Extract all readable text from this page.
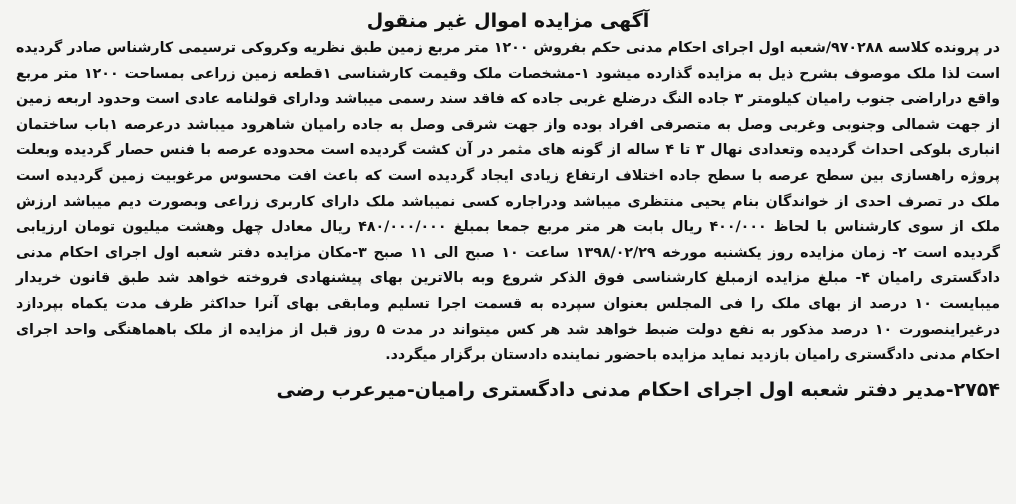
آگهی مزایده اموال غیر منقول

در پرونده کلاسه ۹۷۰۲۸۸/شعبه اول اجرای احکام مدنی حکم بفروش ۱۲۰۰ متر مربع زمین طبق نظریه وکروکی ترسیمی کارشناس صادر گردیده است لذا ملک موصوف بشرح ذیل به مزایده گذارده میشود ۱-مشخصات ملک وقیمت کارشناسی ۱قطعه زمین زراعی بمساحت ۱۲۰۰ متر مربع واقع دراراضی جنوب رامیان کیلومتر ۳ جاده النگ درضلع غربی جاده که فاقد سند رسمی میباشد ودارای قولنامه عادی است وحدود اربعه زمین از جهت شمالی وجنوبی وغربی وصل به متصرفی افراد بوده واز جهت شرقی وصل به جاده رامیان شاهرود میباشد درعرصه ۱باب ساختمان انباری بلوکی احداث گردیده وتعدادی نهال ۳ تا ۴ ساله از گونه های مثمر در آن کشت گردیده است محدوده عرصه با فنس حصار گردیده وبعلت پروژه راهسازی بین سطح عرصه با سطح جاده اختلاف ارتفاع زیادی ایجاد گردیده است که باعث افت محسوس مرغوبیت زمین گردیده است ملک در تصرف احدی از خواندگان بنام یحیی منتظری میباشد ودراجاره کسی نمیباشد ملک دارای کاربری زراعی وبصورت دیم میباشد ارزش ملک از سوی کارشناس با لحاظ ۴۰۰/۰۰۰ ریال بابت هر متر مربع جمعا بمبلغ ۴۸۰/۰۰۰/۰۰۰ ریال معادل چهل وهشت میلیون تومان ارزیابی گردیده است ۲- زمان مزایده روز یکشنبه مورخه ۱۳۹۸/۰۲/۲۹ ساعت ۱۰ صبح الی ۱۱ صبح ۳-مکان مزایده دفتر شعبه اول اجرای احکام مدنی دادگستری رامیان ۴- مبلغ مزایده ازمبلغ کارشناسی فوق الذکر شروع وبه بالاترین بهای پیشنهادی فروخته خواهد شد طبق قانون خریدار میبایست ۱۰ درصد از بهای ملک را فی المجلس بعنوان سپرده به قسمت اجرا تسلیم ومابقی بهای آنرا حداکثر ظرف مدت یکماه بپردازد درغیراینصورت ۱۰ درصد مذکور به نفع دولت ضبط خواهد شد هر کس میتواند در مدت ۵ روز قبل از مزایده از ملک باهماهنگی واحد اجرای احکام مدنی دادگستری رامیان بازدید نماید مزایده باحضور نماینده دادستان برگزار میگردد.

۲۷۵۴-مدیر دفتر شعبه اول اجرای احکام مدنی دادگستری رامیان-میرعرب رضی
